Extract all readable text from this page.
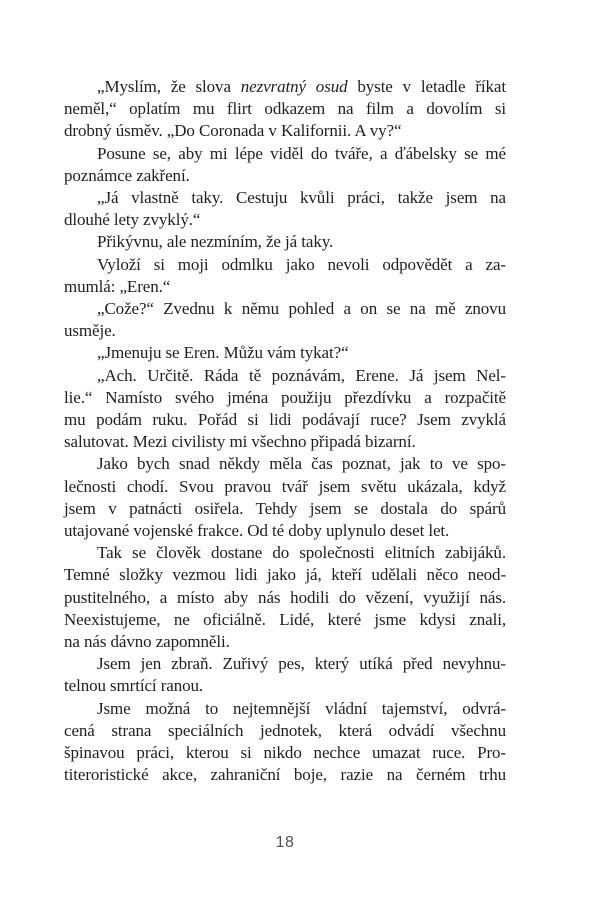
„Myslím, že slova nezvratný osud byste v letadle říkat
neměl,“ oplatím mu flirt odkazem na film a dovolím si
drobný úsměv. „Do Coronada v Kalifornii. A vy?“
Posune se, aby mi lépe viděl do tváře, a ďábelsky se mé
poznámce zakření.
„Já vlastně taky. Cestuju kvůli práci, takže jsem na
dlouhé lety zvyklý.“
Přikývnu, ale nezmíním, že já taky.
Vyloží si moji odmlku jako nevoli odpovědět a za-
mumlá: „Eren.“
„Cože?“ Zvednu k němu pohled a on se na mě znovu
usměje.
„Jmenuju se Eren. Můžu vám tykat?“
„Ach. Určitě. Ráda tě poznávám, Erene. Já jsem Nel-
lie.“ Namísto svého jména použiju přezdívku a rozpačitě
mu podám ruku. Pořád si lidi podávají ruce? Jsem zvyklá
salutovat. Mezi civilisty mi všechno připadá bizarní.
Jako bych snad někdy měla čas poznat, jak to ve spo-
lečnosti chodí. Svou pravou tvář jsem světu ukázala, když
jsem v patnácti osiřela. Tehdy jsem se dostala do spárů
utajované vojenské frakce. Od té doby uplynulo deset let.
Tak se člověk dostane do společnosti elitních zabijáků.
Temné složky vezmou lidi jako já, kteří udělali něco neod-
pustitelného, a místo aby nás hodili do vězení, využijí nás.
Neexistujeme, ne oficiálně. Lidé, které jsme kdysi znali,
na nás dávno zapomněli.
Jsem jen zbraň. Zuřivý pes, který utíká před nevyhnu-
telnou smrtící ranou.
Jsme možná to nejtemnější vládní tajemství, odvrá-
cená strana speciálních jednotek, která odvádí všechnu
špinavou práci, kterou si nikdo nechce umazat ruce. Pro-
titeroristické akce, zahraniční boje, razie na černém trhu
18
